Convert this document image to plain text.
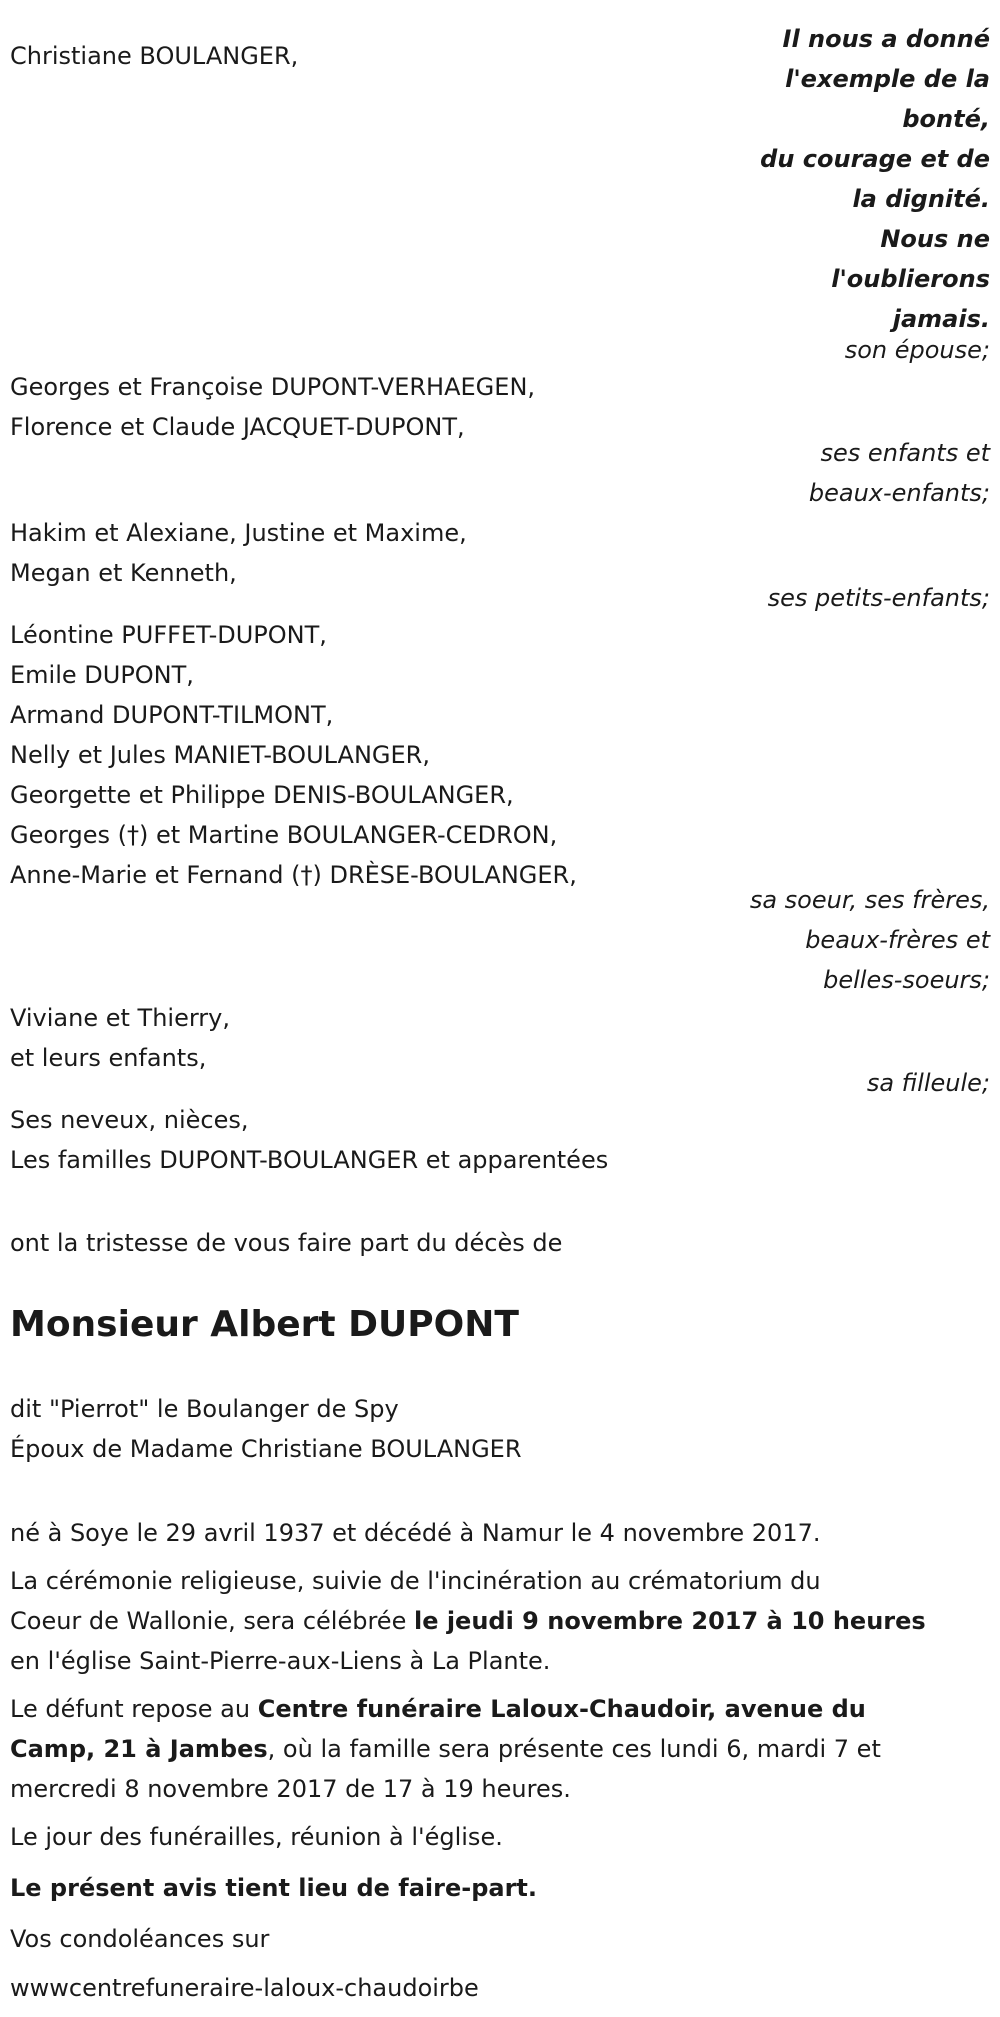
Il nous a donné
l'exemple de la
bonté,
du courage et de
la dignité.
Nous ne
l'oublierons
jamais.
Christiane BOULANGER,
son épouse;
Georges et Françoise DUPONT-VERHAEGEN,
Florence et Claude JACQUET-DUPONT,
ses enfants et
beaux-enfants;
Hakim et Alexiane, Justine et Maxime,
Megan et Kenneth,
ses petits-enfants;
Léontine PUFFET-DUPONT,
Emile DUPONT,
Armand DUPONT-TILMONT,
Nelly et Jules MANIET-BOULANGER,
Georgette et Philippe DENIS-BOULANGER,
Georges (†) et Martine BOULANGER-CEDRON,
Anne-Marie et Fernand (†) DRÈSE-BOULANGER,
sa soeur, ses frères,
beaux-frères et
belles-soeurs;
Viviane et Thierry,
et leurs enfants,
sa filleule;
Ses neveux, nièces,
Les familles DUPONT-BOULANGER et apparentées
ont la tristesse de vous faire part du décès de
Monsieur Albert DUPONT
dit "Pierrot" le Boulanger de Spy
Époux de Madame Christiane BOULANGER
né à Soye le 29 avril 1937 et décédé à Namur le 4 novembre 2017.
La cérémonie religieuse, suivie de l'incinération au crématorium du
Coeur de Wallonie, sera célébrée le jeudi 9 novembre 2017 à 10 heures
en l'église Saint-Pierre-aux-Liens à La Plante.
Le défunt repose au Centre funéraire Laloux-Chaudoir, avenue du
Camp, 21 à Jambes, où la famille sera présente ces lundi 6, mardi 7 et
mercredi 8 novembre 2017 de 17 à 19 heures.
Le jour des funérailles, réunion à l'église.
Le présent avis tient lieu de faire-part.
Vos condoléances sur
wwwcentrefuneraire-laloux-chaudoirbe
